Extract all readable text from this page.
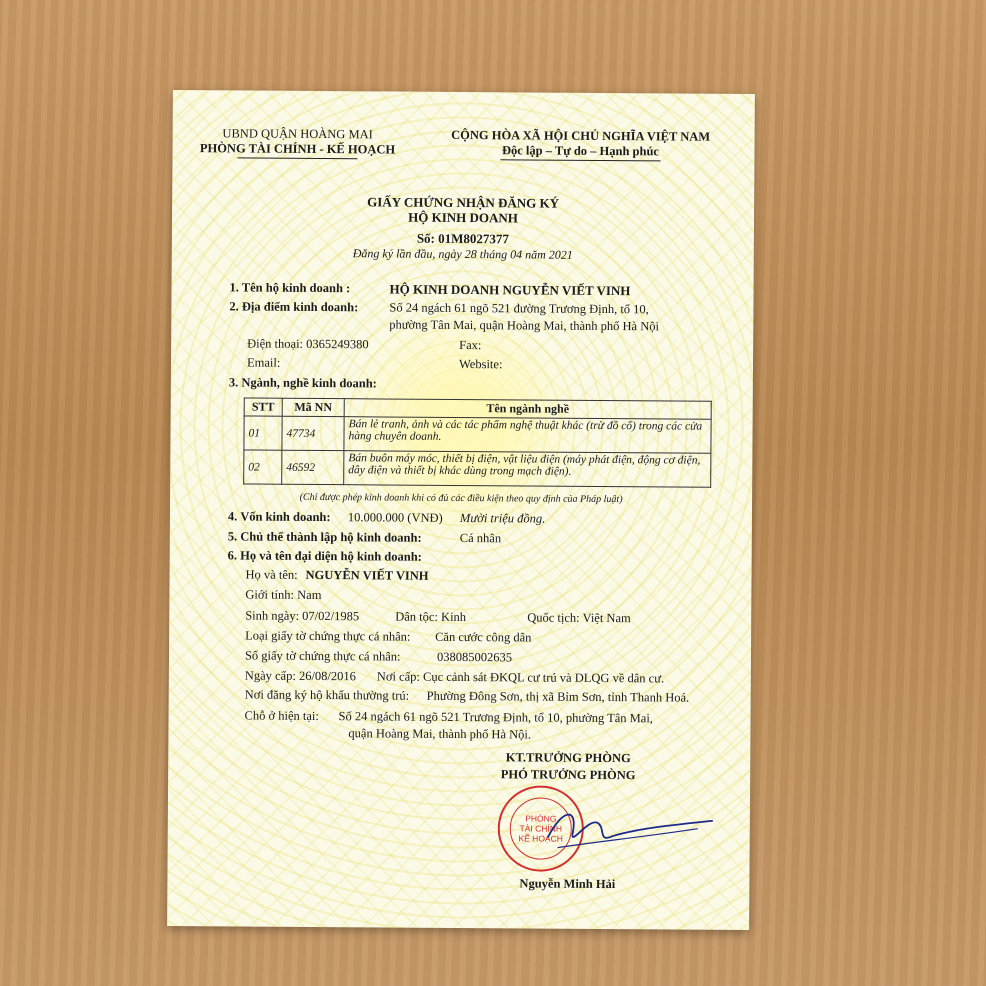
UBND QUẬN HOÀNG MAI
PHÒNG TÀI CHÍNH - KẾ HOẠCH
CỘNG HÒA XÃ HỘI CHỦ NGHĨA VIỆT NAM
Độc lập – Tự do – Hạnh phúc
GIẤY CHỨNG NHẬN ĐĂNG KÝ
HỘ KINH DOANH
Số: 01M8027377
Đăng ký lần đầu, ngày 28 tháng 04 năm 2021
1. Tên hộ kinh doanh :	HỘ KINH DOANH NGUYỄN VIẾT VINH
2. Địa điểm kinh doanh: Số 24 ngách 61 ngõ 521 đường Trương Định, tổ 10,
phường Tân Mai, quận Hoàng Mai, thành phố Hà Nội
Điện thoại: 0365249380	Fax:
Email:	Website:
3. Ngành, nghề kinh doanh:
STT	Mã NN	Tên ngành nghề
01	47734	Bán lẻ tranh, ảnh và các tác phẩm nghệ thuật khác (trừ đồ cổ) trong các cửa hàng chuyên doanh.
02	46592	Bán buôn máy móc, thiết bị điện, vật liệu điện (máy phát điện, động cơ điện, dây điện và thiết bị khác dùng trong mạch điện).
(Chỉ được phép kinh doanh khi có đủ các điều kiện theo quy định của Pháp luật)
4. Vốn kinh doanh: 10.000.000 (VNĐ) Mười triệu đồng.
5. Chủ thể thành lập hộ kinh doanh:	Cá nhân
6. Họ và tên đại diện hộ kinh doanh:
Họ và tên: NGUYỄN VIẾT VINH
Giới tính: Nam
Sinh ngày: 07/02/1985	Dân tộc: Kinh	Quốc tịch: Việt Nam
Loại giấy tờ chứng thực cá nhân: Căn cước công dân
Số giấy tờ chứng thực cá nhân:	038085002635
Ngày cấp: 26/08/2016 Nơi cấp: Cục cảnh sát ĐKQL cư trú và DLQG về dân cư.
Nơi đăng ký hộ khẩu thường trú: Phường Đông Sơn, thị xã Bỉm Sơn, tỉnh Thanh Hoá.
Chỗ ở hiện tại: Số 24 ngách 61 ngõ 521 Trương Định, tổ 10, phường Tân Mai,
quận Hoàng Mai, thành phố Hà Nội.
KT.TRƯỞNG PHÒNG
PHÓ TRƯỞNG PHÒNG
PHÒNG
TÀI CHÍNH
KẾ HOẠCH
Nguyễn Minh Hải
